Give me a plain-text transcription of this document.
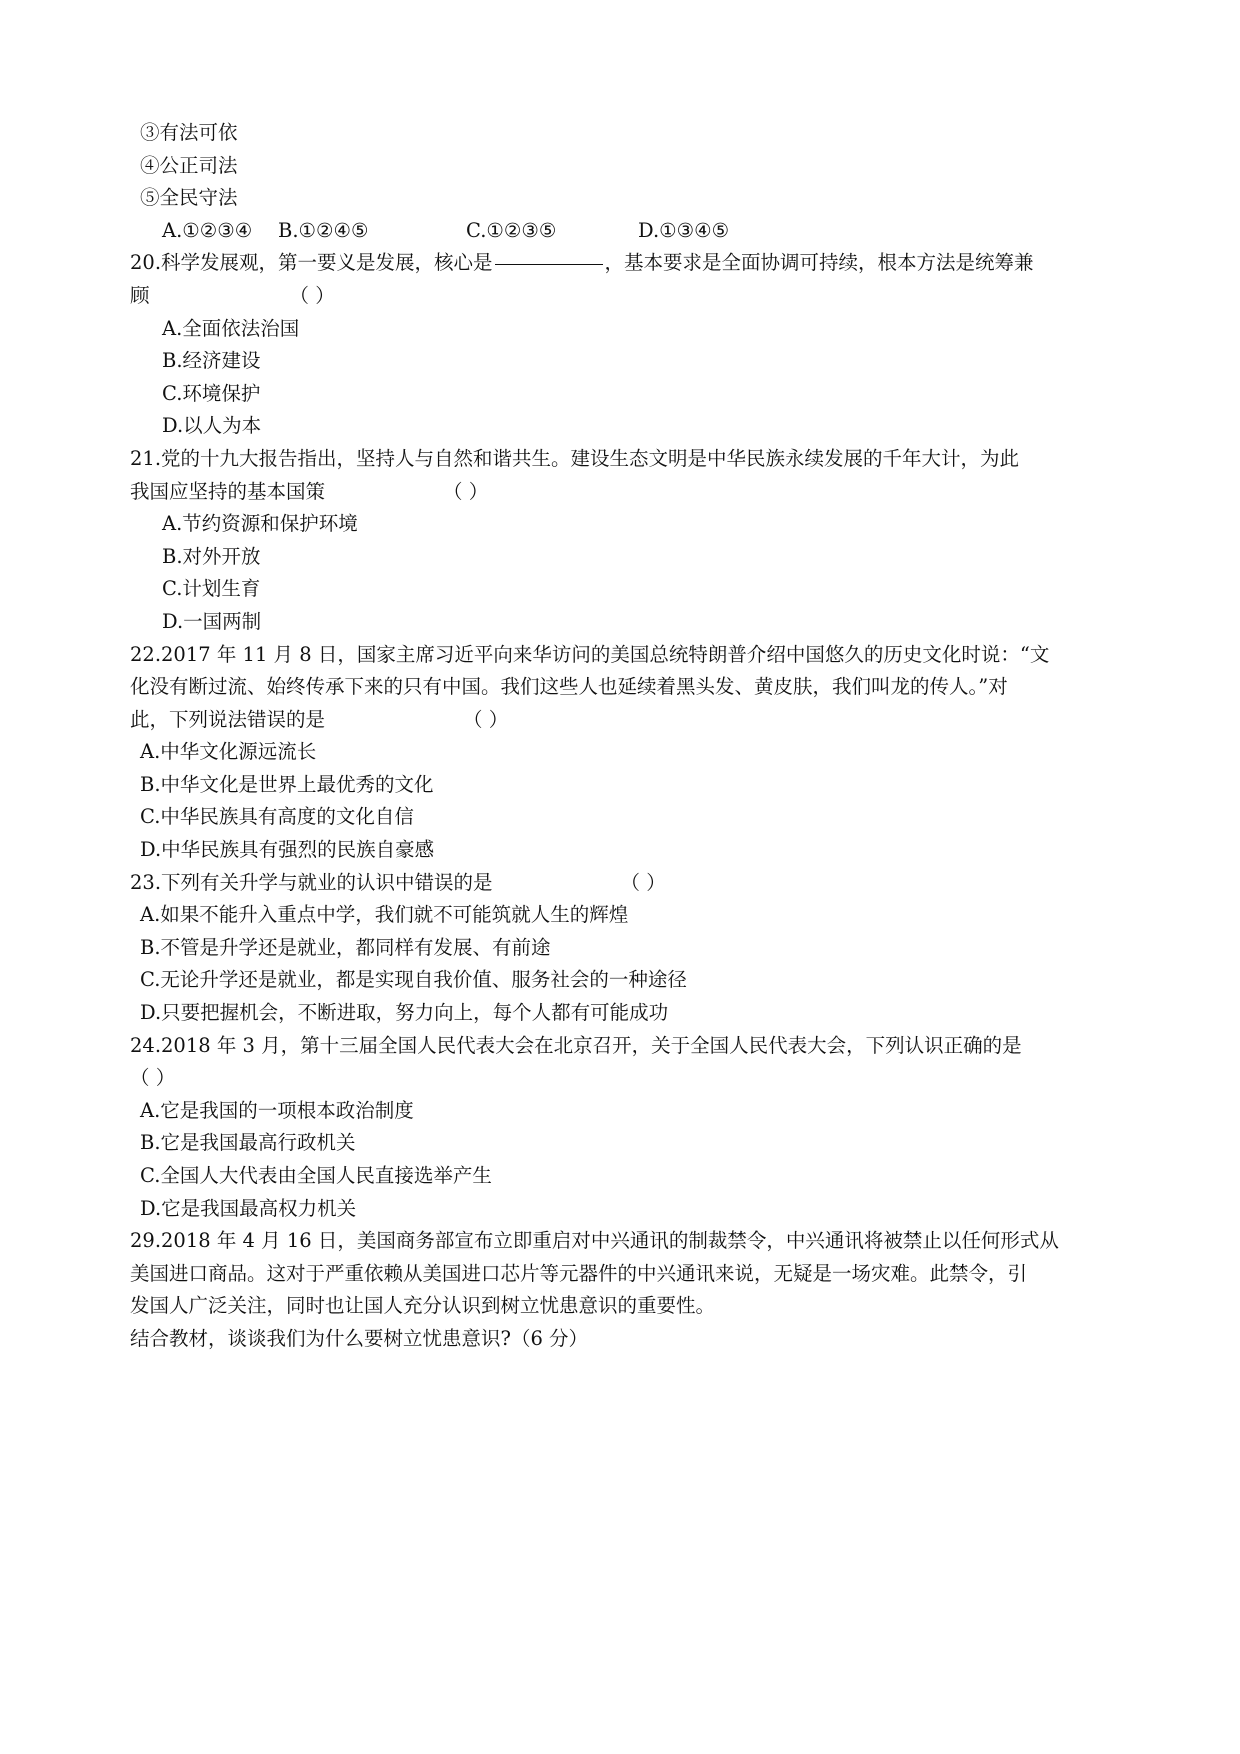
③有法可依
④公正司法
⑤全民守法
A.①②③④ B.①②④⑤	C.①②③⑤	D.①③④⑤
20.科学发展观，第一要义是发展，核心是	，基本要求是全面协调可持续，根本方法是统筹兼
顾	（ ）
A.全面依法治国
B.经济建设
C.环境保护
D.以人为本
21.党的十九大报告指出，坚持人与自然和谐共生。建设生态文明是中华民族永续发展的千年大计，为此
我国应坚持的基本国策	（ ）
A.节约资源和保护环境
B.对外开放
C.计划生育
D.一国两制
22.2017 年 11 月 8 日，国家主席习近平向来华访问的美国总统特朗普介绍中国悠久的历史文化时说：“文
化没有断过流、始终传承下来的只有中国。我们这些人也延续着黑头发、黄皮肤，我们叫龙的传人。”对
此，下列说法错误的是	（ ）
A.中华文化源远流长
B.中华文化是世界上最优秀的文化
C.中华民族具有高度的文化自信
D.中华民族具有强烈的民族自豪感
23.下列有关升学与就业的认识中错误的是	（ ）
A.如果不能升入重点中学，我们就不可能筑就人生的辉煌
B.不管是升学还是就业，都同样有发展、有前途
C.无论升学还是就业，都是实现自我价值、服务社会的一种途径
D.只要把握机会，不断进取，努力向上，每个人都有可能成功
24.2018 年 3 月，第十三届全国人民代表大会在北京召开，关于全国人民代表大会，下列认识正确的是
（ ）
A.它是我国的一项根本政治制度
B.它是我国最高行政机关
C.全国人大代表由全国人民直接选举产生
D.它是我国最高权力机关
29.2018 年 4 月 16 日，美国商务部宣布立即重启对中兴通讯的制裁禁令，中兴通讯将被禁止以任何形式从
美国进口商品。这对于严重依赖从美国进口芯片等元器件的中兴通讯来说，无疑是一场灾难。此禁令，引
发国人广泛关注，同时也让国人充分认识到树立忧患意识的重要性。
结合教材，谈谈我们为什么要树立忧患意识?（6 分）
